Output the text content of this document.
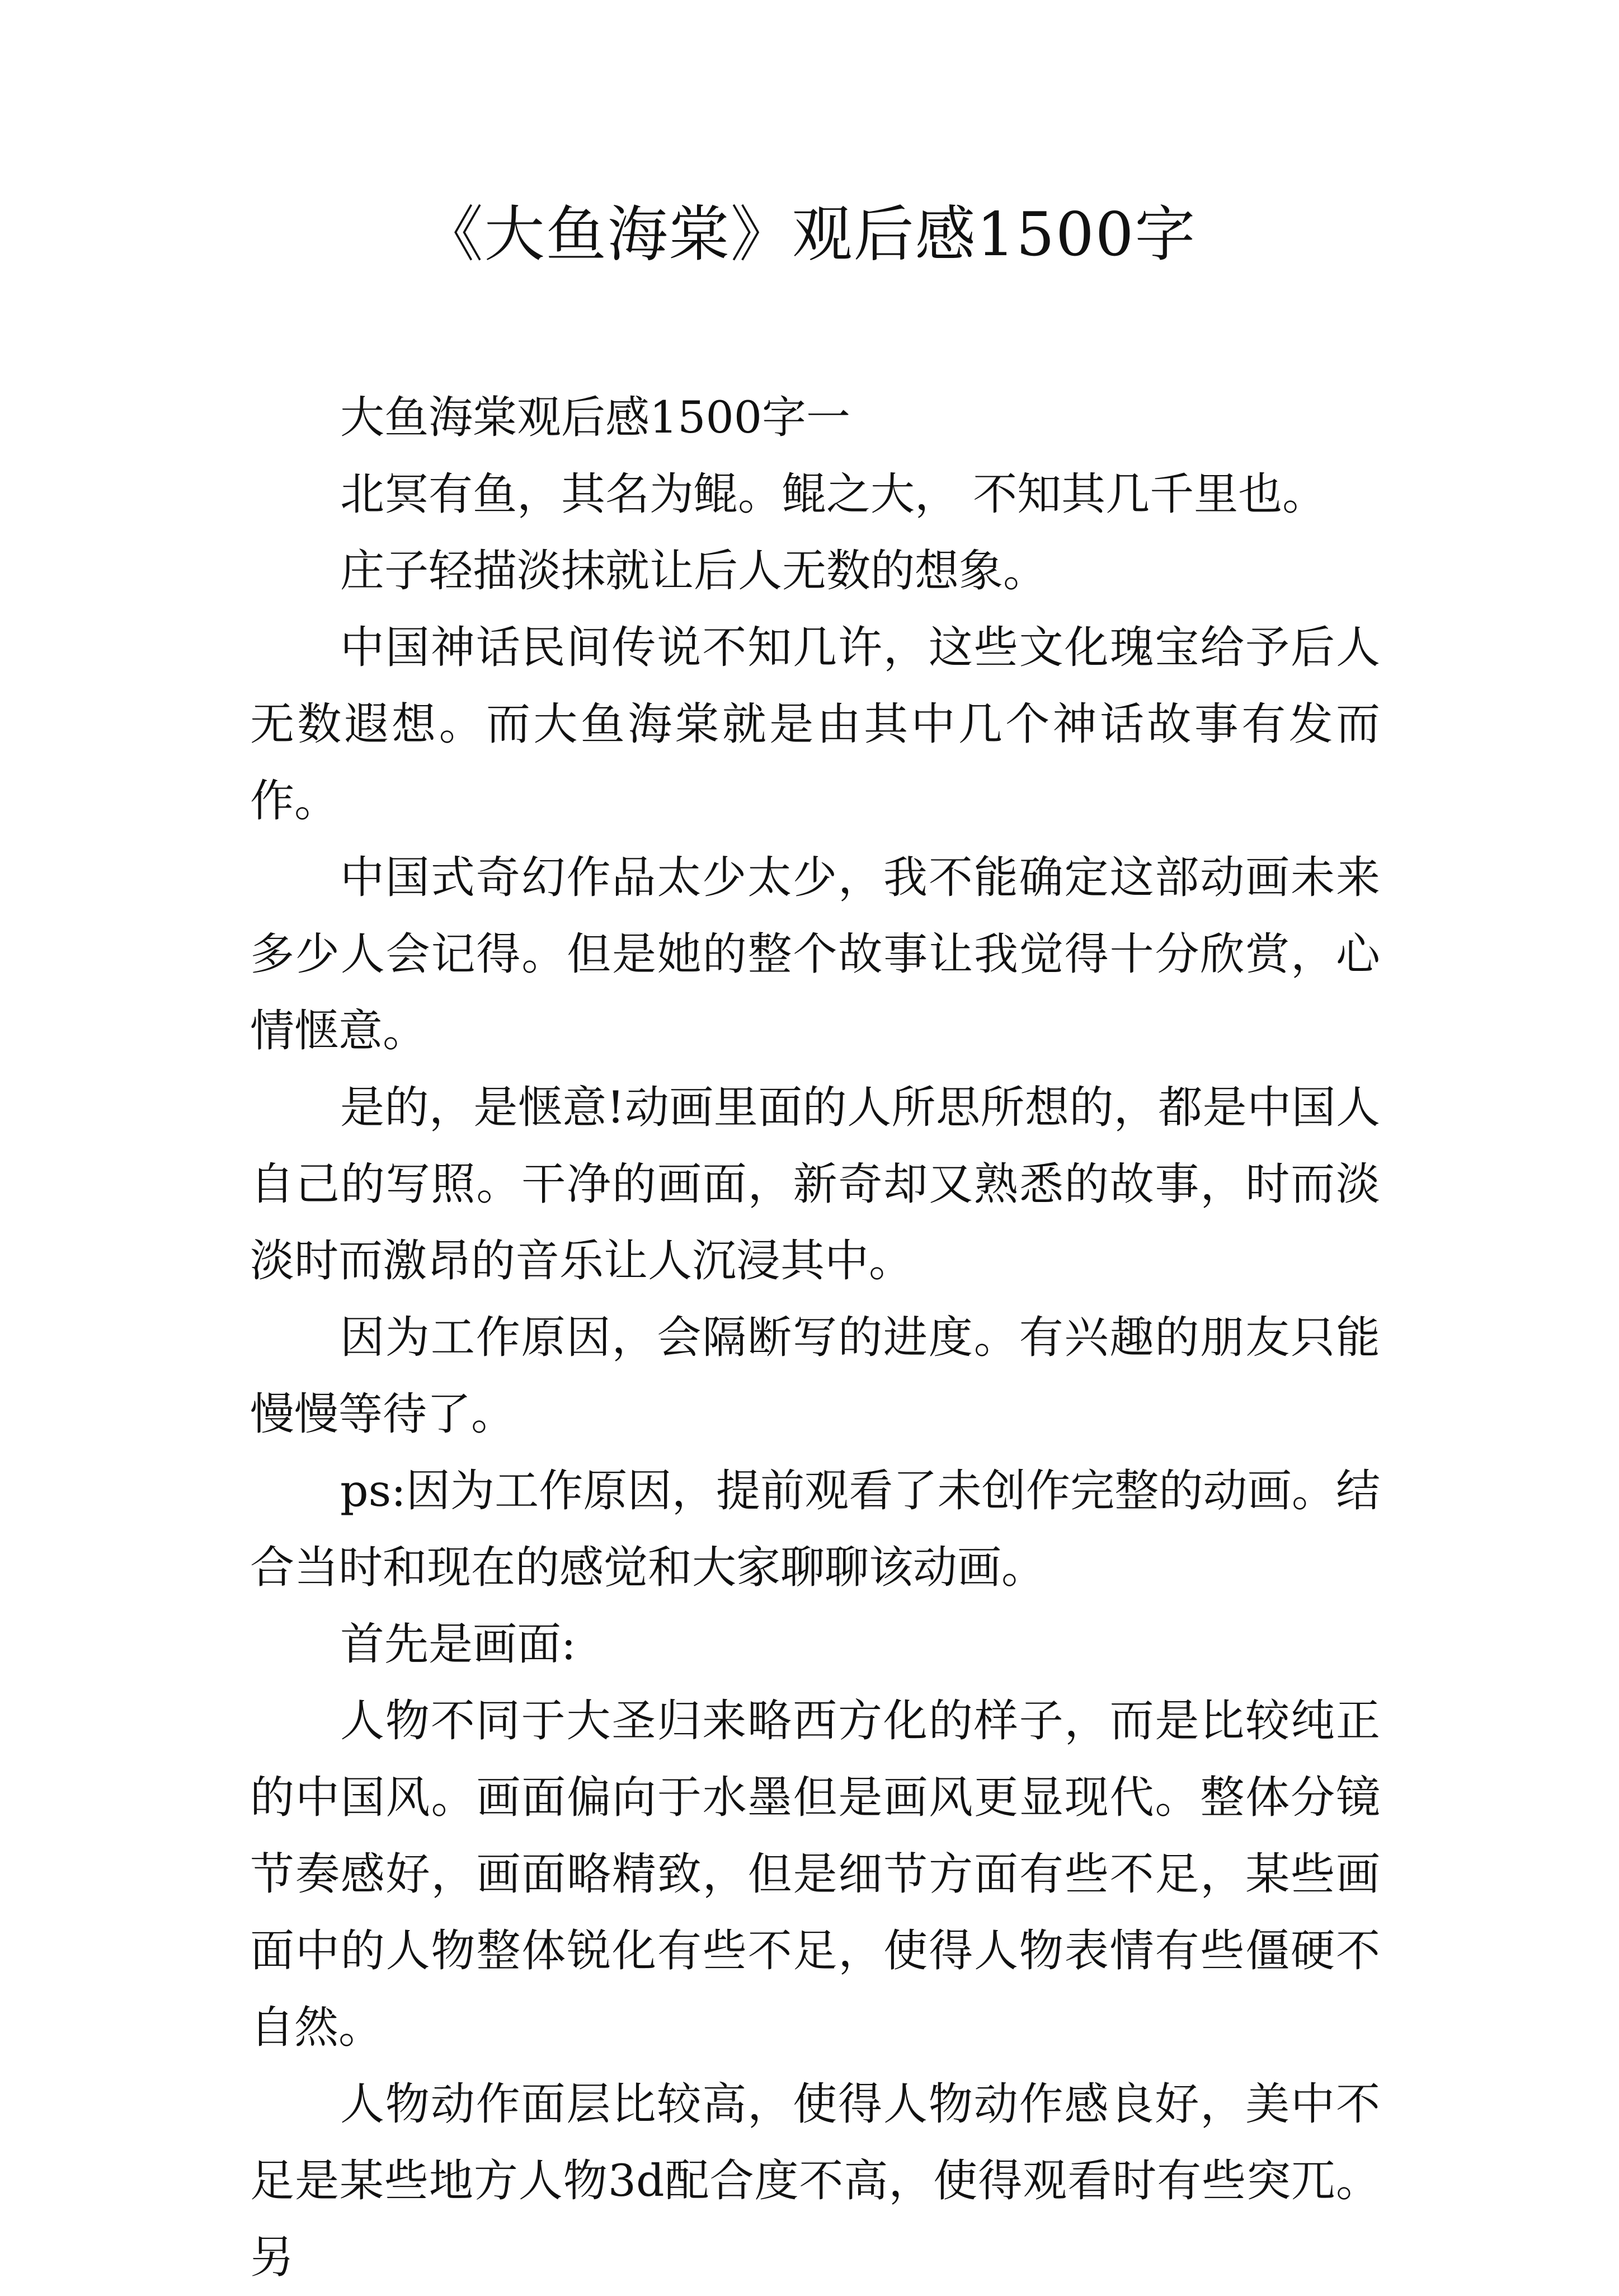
《大鱼海棠》观后感1500字

大鱼海棠观后感1500字一

北冥有鱼，其名为鲲。鲲之大， 不知其几千里也。

庄子轻描淡抹就让后人无数的想象。

中国神话民间传说不知几许，这些文化瑰宝给予后人无数遐想。而大鱼海棠就是由其中几个神话故事有发而作。

中国式奇幻作品太少太少，我不能确定这部动画未来多少人会记得。但是她的整个故事让我觉得十分欣赏，心情惬意。

是的，是惬意!动画里面的人所思所想的，都是中国人自己的写照。干净的画面，新奇却又熟悉的故事，时而淡淡时而激昂的音乐让人沉浸其中。

因为工作原因，会隔断写的进度。有兴趣的朋友只能慢慢等待了。

ps:因为工作原因，提前观看了未创作完整的动画。结合当时和现在的感觉和大家聊聊该动画。

首先是画面:

人物不同于大圣归来略西方化的样子，而是比较纯正的中国风。画面偏向于水墨但是画风更显现代。整体分镜节奏感好，画面略精致，但是细节方面有些不足，某些画面中的人物整体锐化有些不足，使得人物表情有些僵硬不自然。

人物动作面层比较高，使得人物动作感良好，美中不足是某些地方人物3d配合度不高，使得观看时有些突兀。另
